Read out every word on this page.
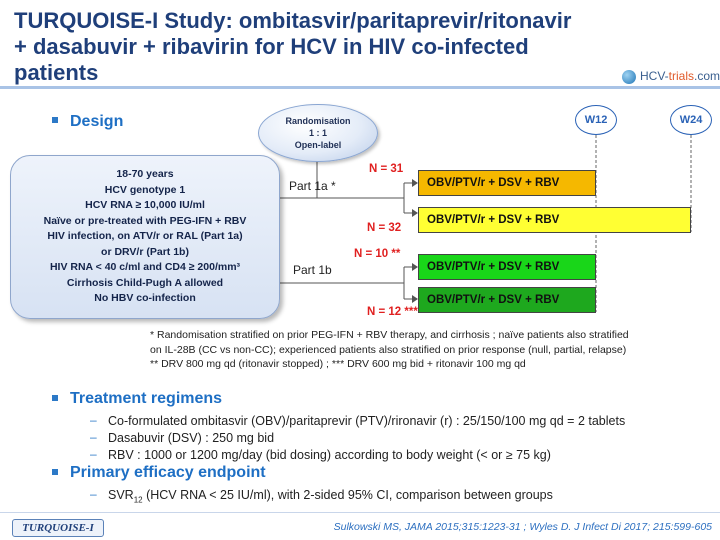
TURQUOISE-I Study: ombitasvir/paritaprevir/ritonavir
+ dasabuvir + ribavirin for HCV in HIV co-infected patients	HCV-trials.com
Design	Randomisation
1 : 1
Open-label
W12	W24
18-70 years
HCV genotype 1
HCV RNA ≥ 10,000 IU/ml
Naïve or pre-treated with PEG-IFN + RBV
HIV infection, on ATV/r or RAL (Part 1a)
or DRV/r (Part 1b)
HIV RNA < 40 c/ml and CD4 ≥ 200/mm³
Cirrhosis Child-Pugh A allowed
No HBV co-infection
Part 1a *
Part 1b
N = 31
N = 32
N = 10 **
N = 12 ***
OBV/PTV/r + DSV + RBV
OBV/PTV/r + DSV + RBV
OBV/PTV/r + DSV + RBV
OBV/PTV/r + DSV + RBV
* Randomisation stratified on prior PEG-IFN + RBV therapy, and cirrhosis ; naïve patients also stratified
on IL-28B (CC vs non-CC); experienced patients also stratified on prior response (null, partial, relapse)
** DRV 800 mg qd (ritonavir stopped) ; *** DRV 600 mg bid + ritonavir 100 mg qd
Treatment regimens
– Co-formulated ombitasvir (OBV)/paritaprevir (PTV)/rironavir (r) : 25/150/100 mg qd = 2 tablets
– Dasabuvir (DSV) : 250 mg bid
– RBV : 1000 or 1200 mg/day (bid dosing) according to body weight (< or ≥ 75 kg)
Primary efficacy endpoint
– $SVR_{12}$ (HCV RNA < 25 IU/ml), with 2-sided 95% CI, comparison between groups
TURQUOISE-I	Sulkowski MS, JAMA 2015;315:1223-31 ; Wyles D. J Infect Di 2017; 215:599-605
